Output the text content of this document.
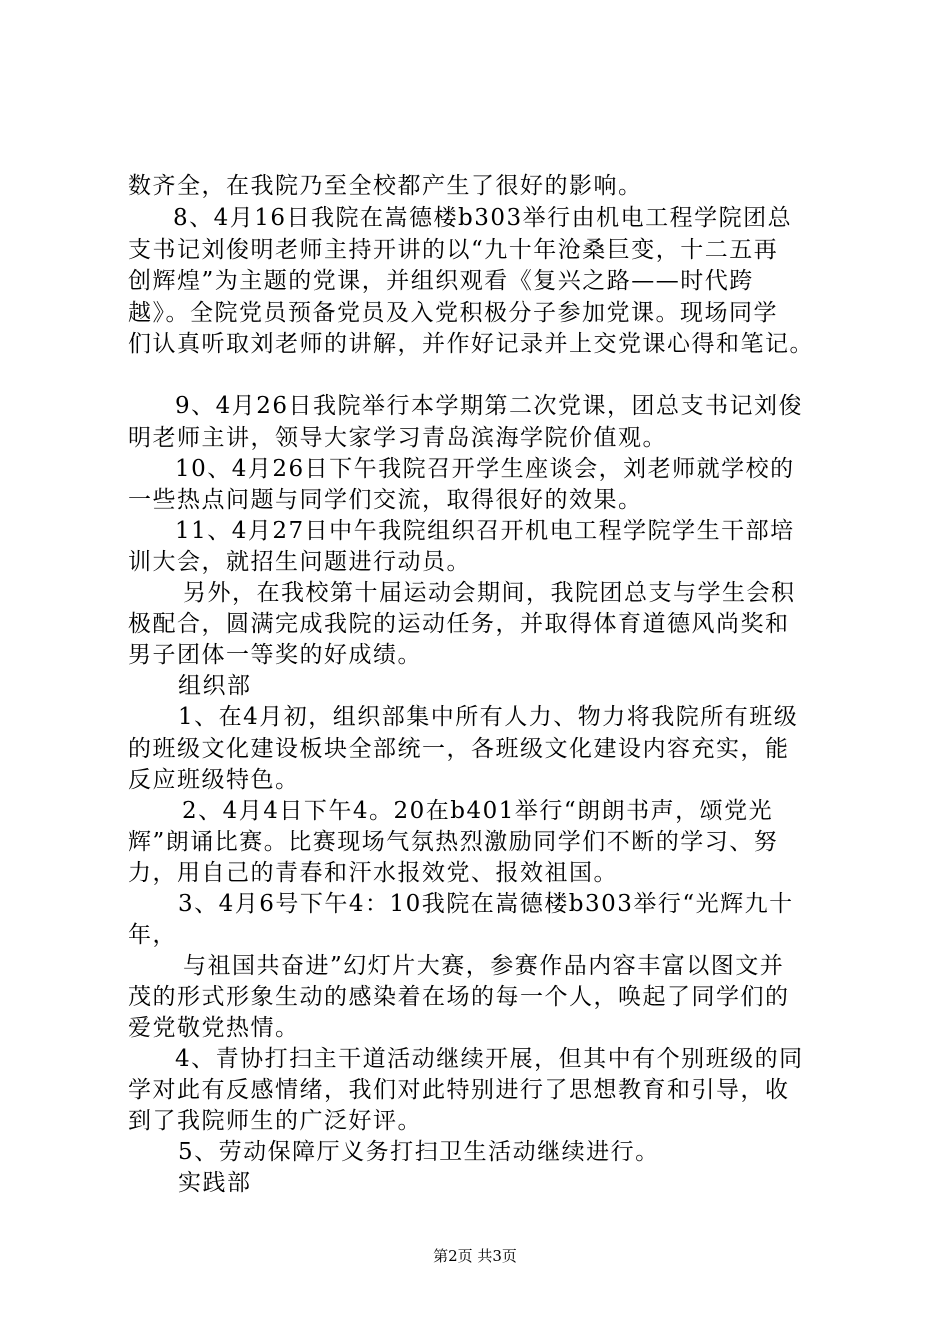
数齐全，在我院乃至全校都产生了很好的影响。
8、4月16日我院在嵩德楼b303举行由机电工程学院团总
支书记刘俊明老师主持开讲的以“九十年沧桑巨变，十二五再
创辉煌”为主题的党课，并组织观看《复兴之路——时代跨
越》。全院党员预备党员及入党积极分子参加党课。现场同学
们认真听取刘老师的讲解，并作好记录并上交党课心得和笔记。
9、4月26日我院举行本学期第二次党课，团总支书记刘俊
明老师主讲，领导大家学习青岛滨海学院价值观。
10、4月26日下午我院召开学生座谈会，刘老师就学校的
一些热点问题与同学们交流，取得很好的效果。
11、4月27日中午我院组织召开机电工程学院学生干部培
训大会，就招生问题进行动员。
另外，在我校第十届运动会期间，我院团总支与学生会积
极配合，圆满完成我院的运动任务，并取得体育道德风尚奖和
男子团体一等奖的好成绩。
组织部
1、在4月初，组织部集中所有人力、物力将我院所有班级
的班级文化建设板块全部统一，各班级文化建设内容充实，能
反应班级特色。
2、4月4日下午4。20在b401举行“朗朗书声，颂党光
辉”朗诵比赛。比赛现场气氛热烈激励同学们不断的学习、努
力，用自己的青春和汗水报效党、报效祖国。
3、4月6号下午4：10我院在嵩德楼b303举行“光辉九十
年，
与祖国共奋进”幻灯片大赛，参赛作品内容丰富以图文并
茂的形式形象生动的感染着在场的每一个人，唤起了同学们的
爱党敬党热情。
4、青协打扫主干道活动继续开展，但其中有个别班级的同
学对此有反感情绪，我们对此特别进行了思想教育和引导，收
到了我院师生的广泛好评。
5、劳动保障厅义务打扫卫生活动继续进行。
实践部
第2页 共3页
